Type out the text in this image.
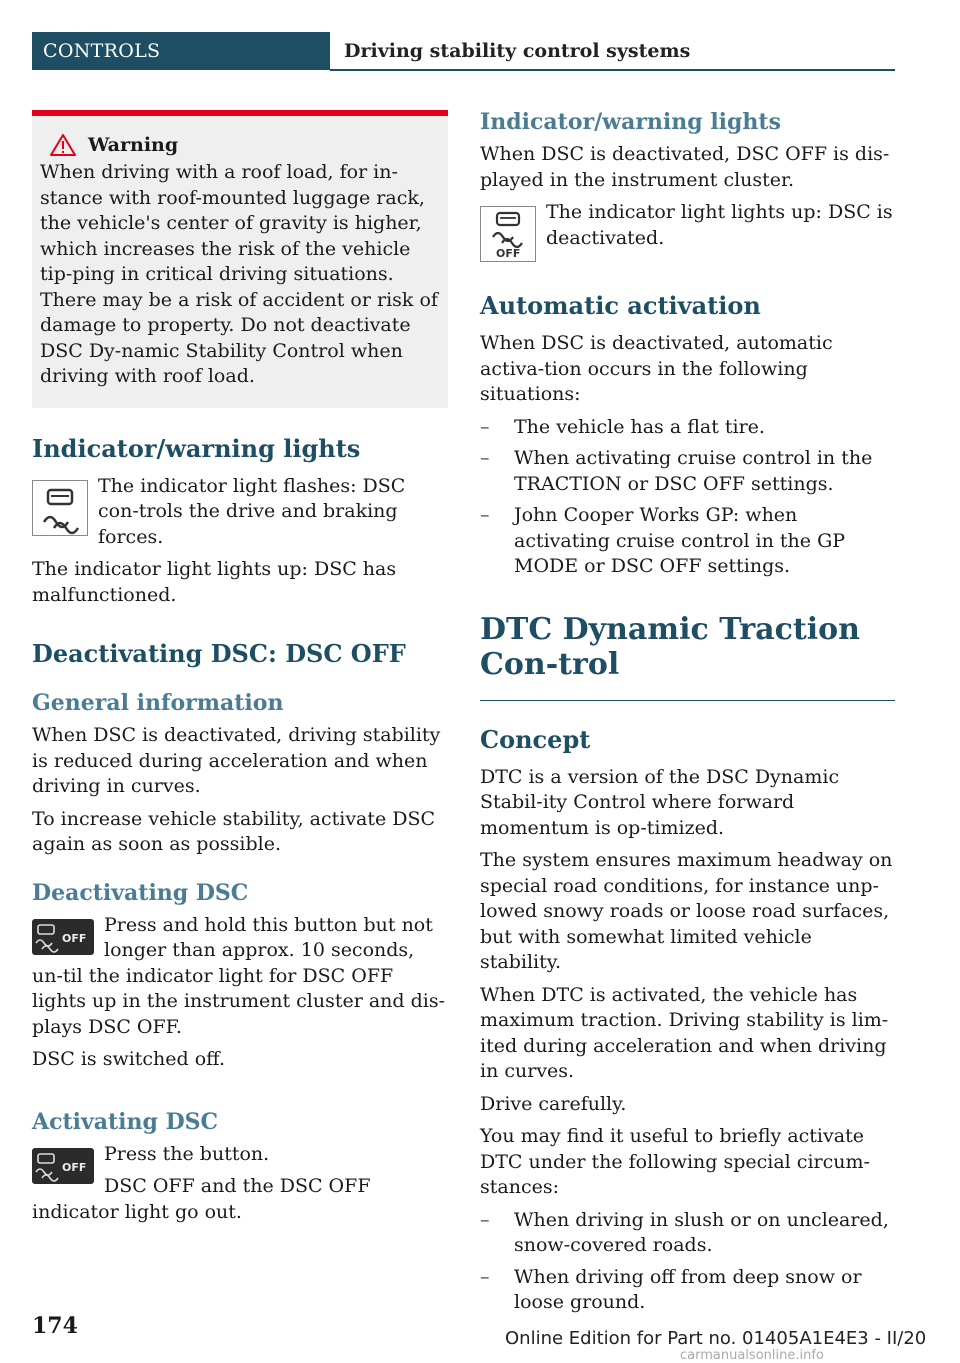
CONTROLS	Driving stability control systems
Warning

When driving with a roof load, for in-stance with roof-mounted luggage rack, the vehicle's center of gravity is higher, which increases the risk of the vehicle tip-ping in critical driving situations. There may be a risk of accident or risk of damage to property. Do not deactivate DSC Dy-namic Stability Control when driving with roof load.

Indicator/warning lights

The indicator light flashes: DSC con-trols the drive and braking forces.

The indicator light lights up: DSC has malfunctioned.

Deactivating DSC: DSC OFF
General information

When DSC is deactivated, driving stability is reduced during acceleration and when driving in curves.

To increase vehicle stability, activate DSC again as soon as possible.

Deactivating DSC
OFF

Press and hold this button but not longer than approx. 10 seconds, un-til the indicator light for DSC OFF lights up in the instrument cluster and dis-plays DSC OFF.

DSC is switched off.

Activating DSC
OFF

Press the button.

DSC OFF and the DSC OFF indicator light go out.

Indicator/warning lights

When DSC is deactivated, DSC OFF is dis-played in the instrument cluster.

OFF

The indicator light lights up: DSC is deactivated.

Automatic activation

When DSC is deactivated, automatic activa-tion occurs in the following situations:

– The vehicle has a flat tire.
– When activating cruise control in the TRACTION or DSC OFF settings.
– John Cooper Works GP: when activating cruise control in the GP MODE or DSC OFF settings.
DTC Dynamic Traction Con-trol
Concept

DTC is a version of the DSC Dynamic Stabil-ity Control where forward momentum is op-timized.

The system ensures maximum headway on special road conditions, for instance unp-lowed snowy roads or loose road surfaces, but with somewhat limited vehicle stability.

When DTC is activated, the vehicle has maximum traction. Driving stability is lim-ited during acceleration and when driving in curves.

Drive carefully.

You may find it useful to briefly activate DTC under the following special circum-stances:

– When driving in slush or on uncleared, snow-covered roads.
– When driving off from deep snow or loose ground.
174	Online Edition for Part no. 01405A1E4E3 - II/20
carmanualsonline.info
